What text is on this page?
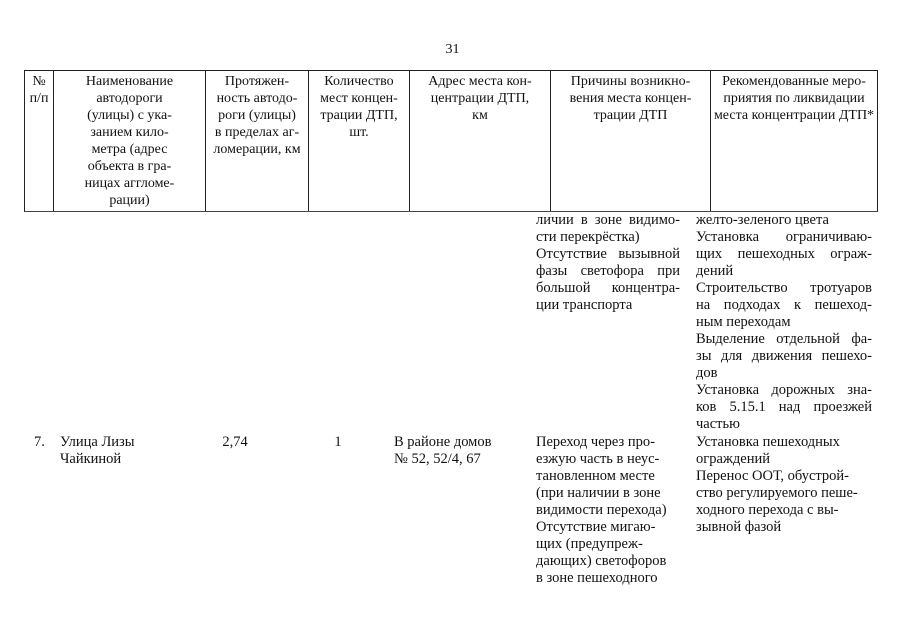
31
№
п/п
Наименование
автодороги
(улицы) с ука-
занием кило-
метра (адрес
объекта в гра-
ницах аггломе-
рации)
Протяжен-
ность автодо-
роги (улицы)
в пределах аг-
ломерации, км
Количество
мест концен-
трации ДТП,
шт.
Адрес места кон-
центрации ДТП,
км
Причины возникно-
вения места концен-
трации ДТП
Рекомендованные меро-
приятия по ликвидации
места концентрации ДТП*
личии в зоне видимо-
сти перекрёстка)
Отсутствие вызывной
фазы светофора при
большой концентра-
ции транспорта
желто-зеленого цвета
Установка ограничиваю-
щих пешеходных ограж-
дений
Строительство тротуаров
на подходах к пешеход-
ным переходам
Выделение отдельной фа-
зы для движения пешехо-
дов
Установка дорожных зна-
ков 5.15.1 над проезжей
частью
7. Улица Лизы
Чайкиной
2,74	1	В районе домов
№ 52, 52/4, 67
Переход через про-
езжую часть в неус-
тановленном месте
(при наличии в зоне
видимости перехода)
Отсутствие мигаю-
щих (предупреж-
дающих) светофоров
в зоне пешеходного
Установка пешеходных
ограждений
Перенос ООТ, обустрой-
ство регулируемого пеше-
ходного перехода с вы-
зывной фазой
